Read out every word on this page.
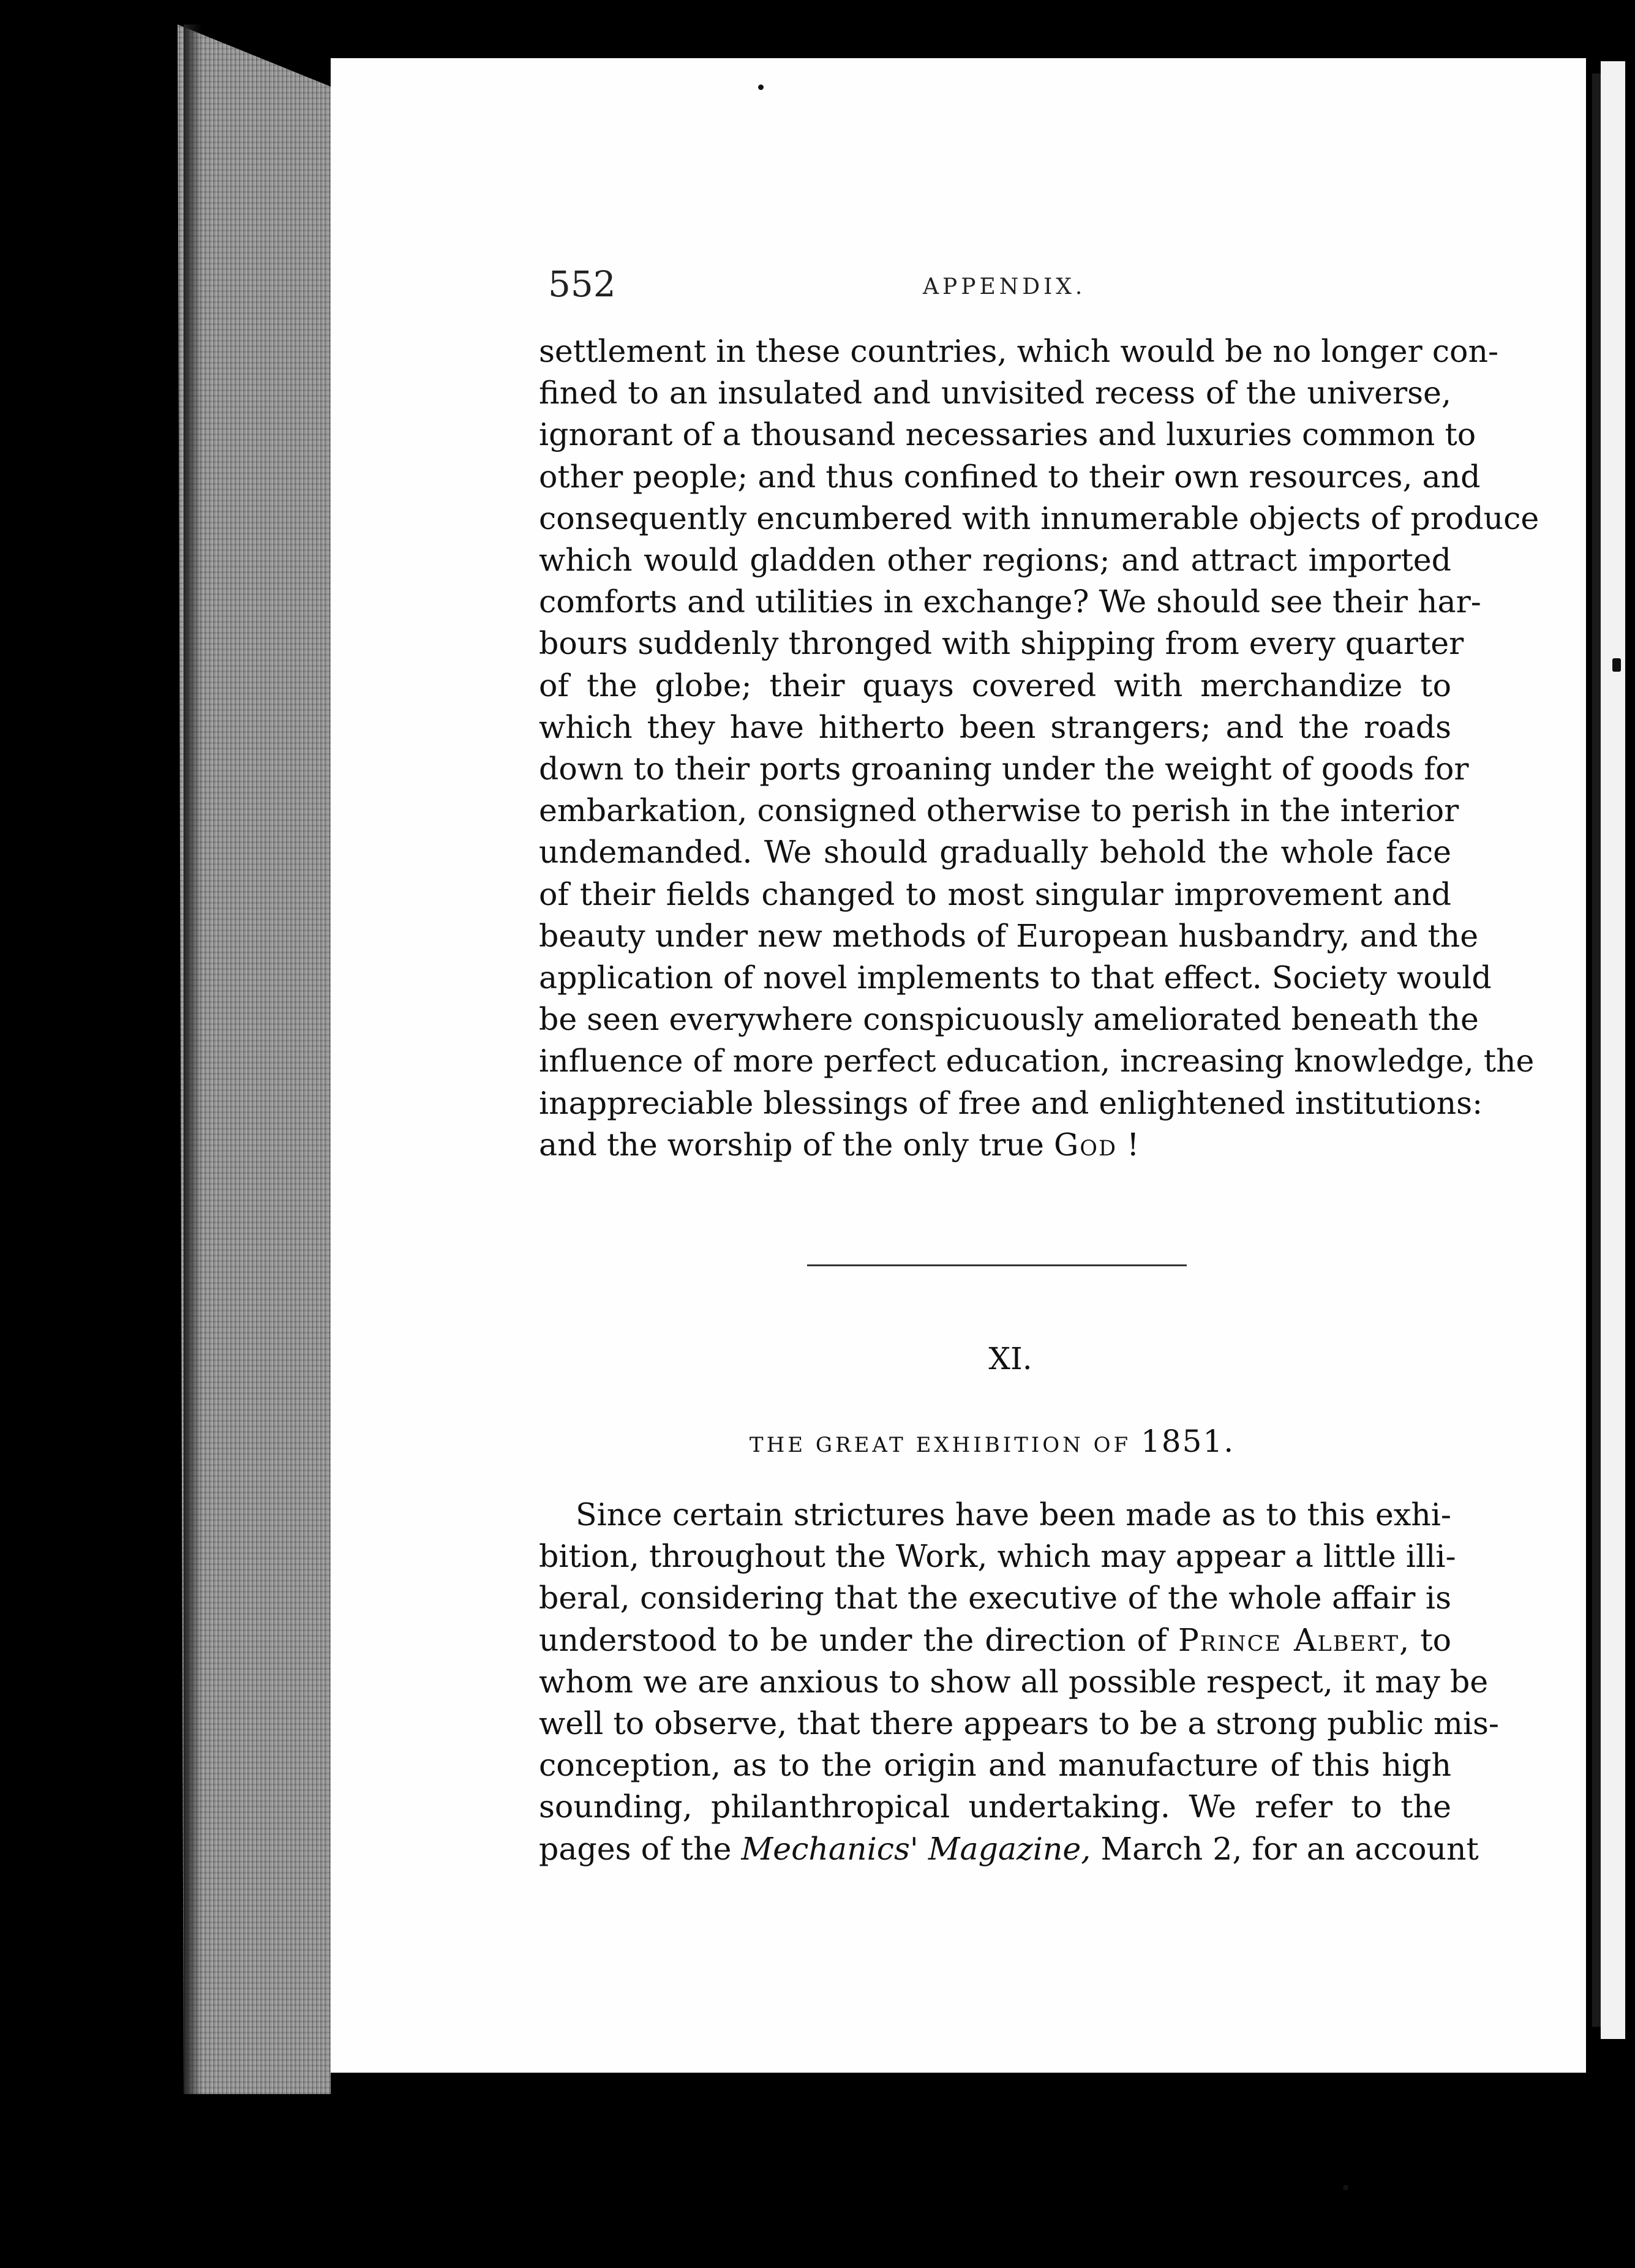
552	APPENDIX.
settlement in these countries, which would be no longer con-
fined to an insulated and unvisited recess of the universe,
ignorant of a thousand necessaries and luxuries common to
other people; and thus confined to their own resources, and
consequently encumbered with innumerable objects of produce
which would gladden other regions; and attract imported
comforts and utilities in exchange? We should see their har-
bours suddenly thronged with shipping from every quarter
of the globe; their quays covered with merchandize to
which they have hitherto been strangers; and the roads
down to their ports groaning under the weight of goods for
embarkation, consigned otherwise to perish in the interior
undemanded. We should gradually behold the whole face
of their fields changed to most singular improvement and
beauty under new methods of European husbandry, and the
application of novel implements to that effect. Society would
be seen everywhere conspicuously ameliorated beneath the
influence of more perfect education, increasing knowledge, the
inappreciable blessings of free and enlightened institutions:
and the worship of the only true God !
XI.
THE GREAT EXHIBITION OF 1851.
Since certain strictures have been made as to this exhi-
bition, throughout the Work, which may appear a little illi-
beral, considering that the executive of the whole affair is
understood to be under the direction of Prince Albert, to
whom we are anxious to show all possible respect, it may be
well to observe, that there appears to be a strong public mis-
conception, as to the origin and manufacture of this high
sounding, philanthropical undertaking. We refer to the
pages of the Mechanics' Magazine, March 2, for an account
